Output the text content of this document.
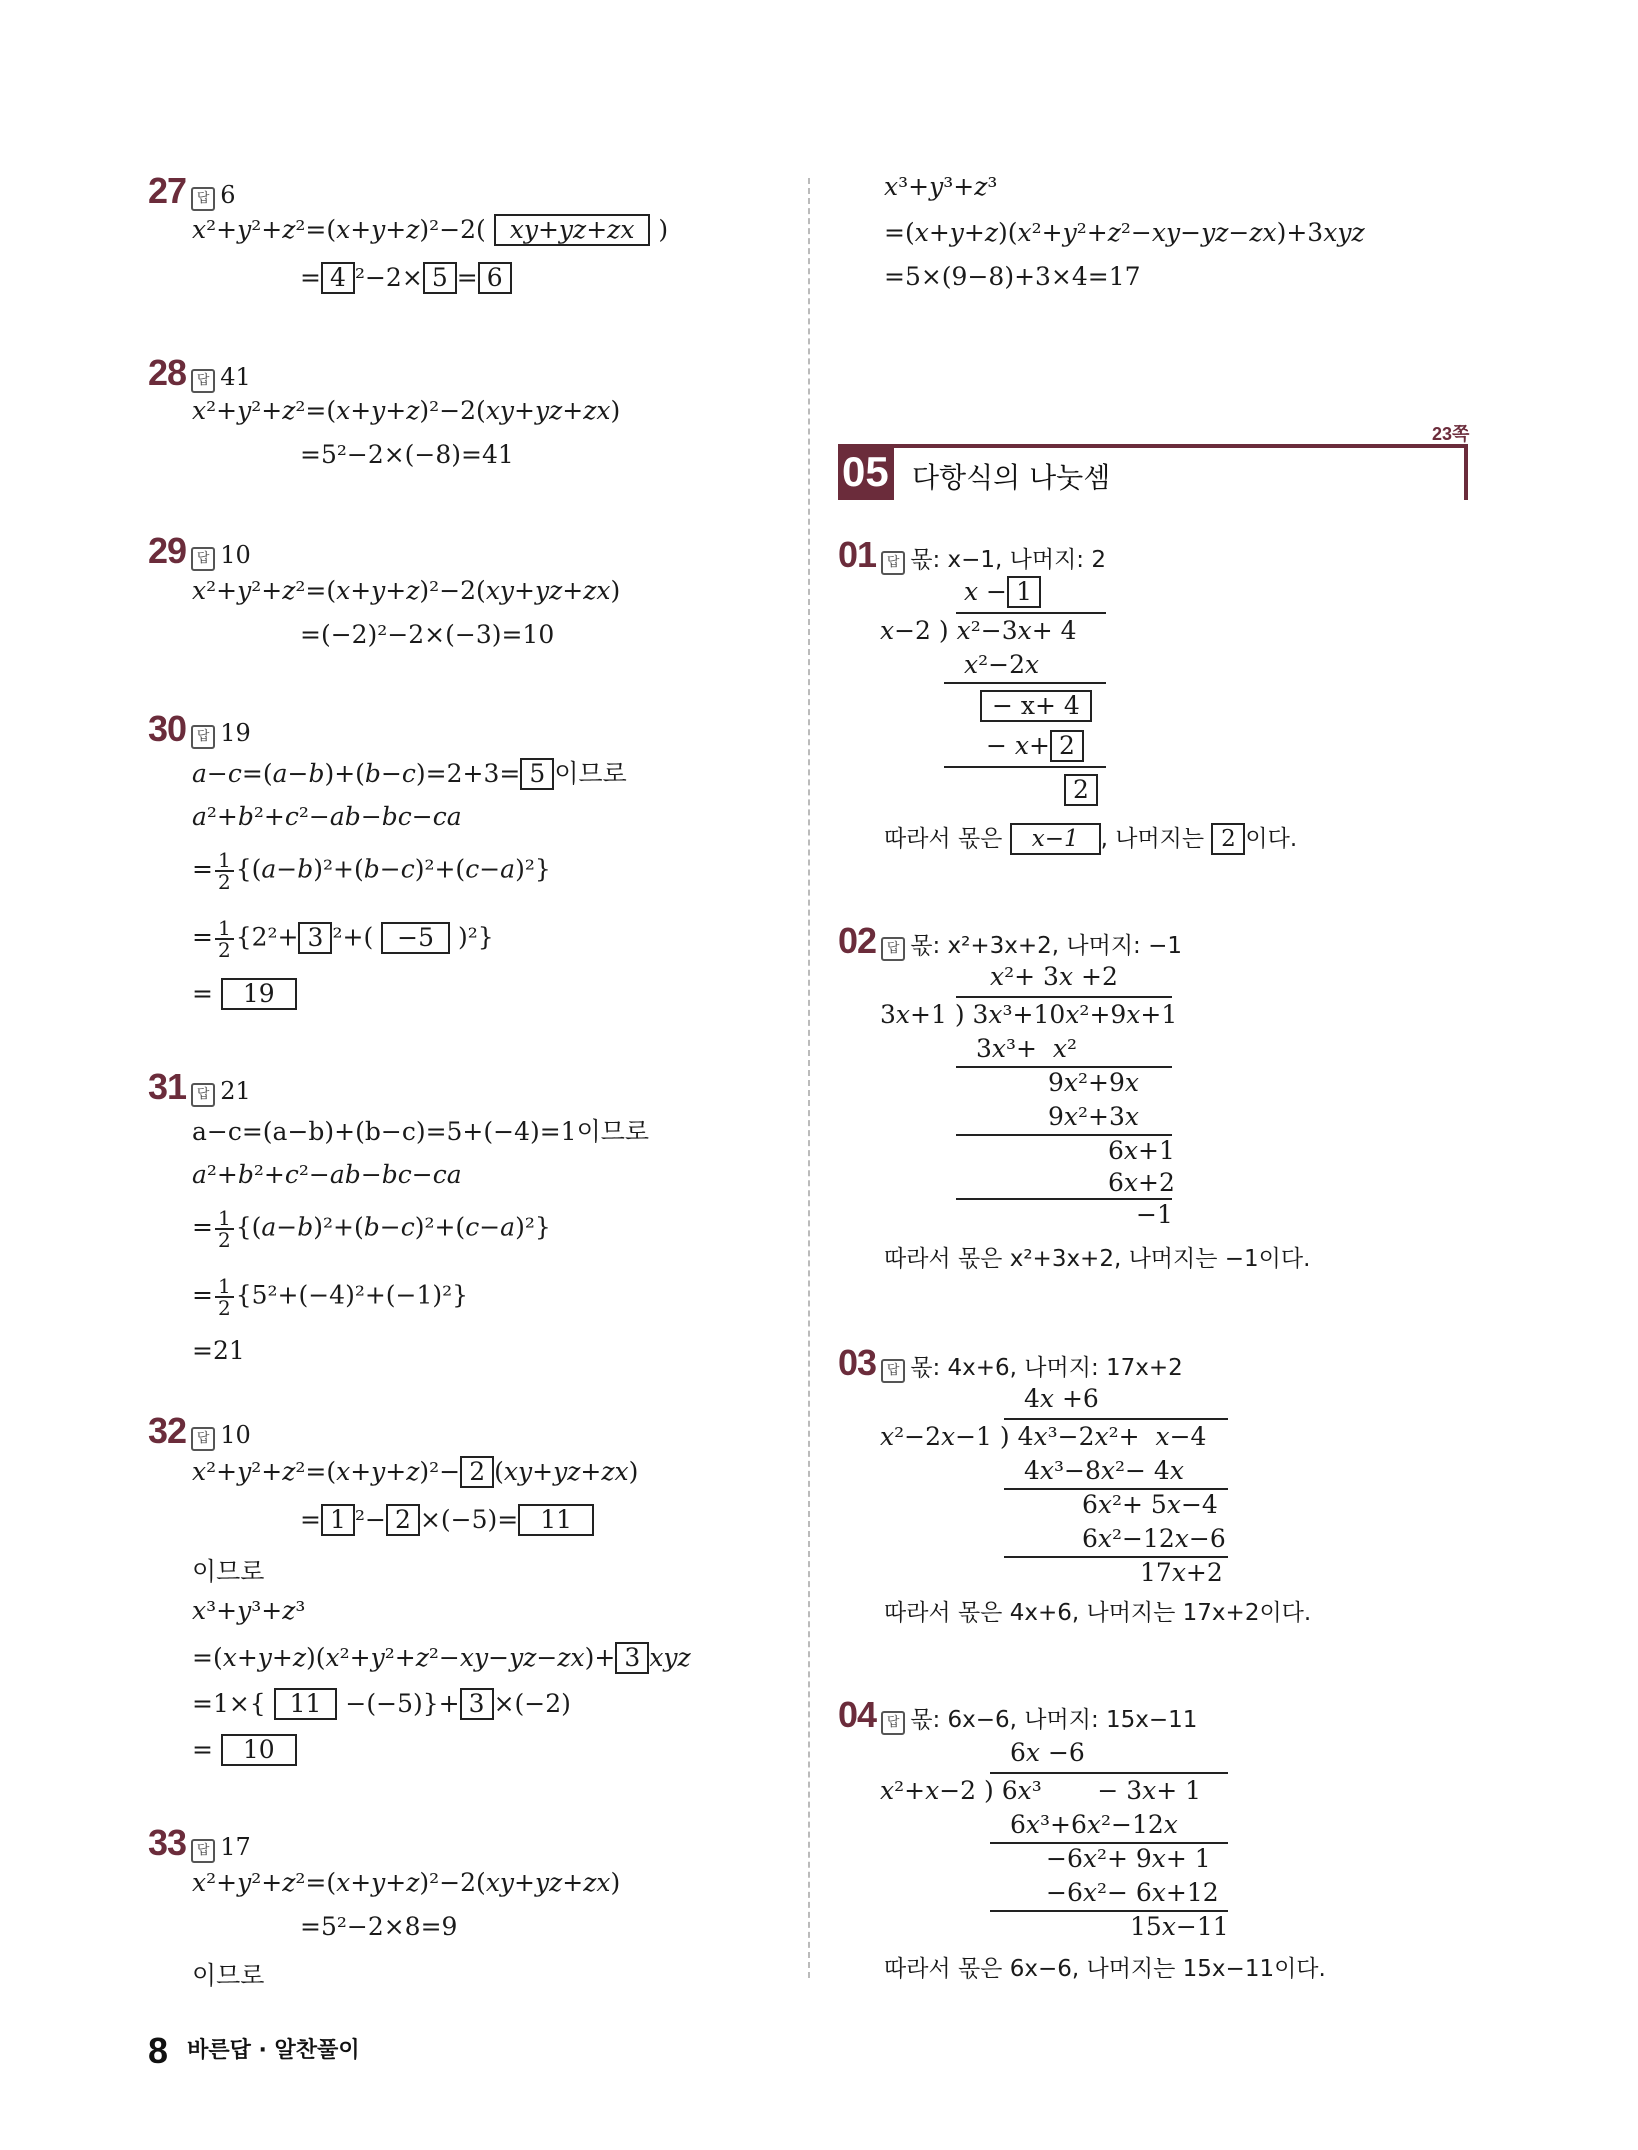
27 답 6
x²+y²+z²=(x+y+z)²−2( xy+yz+zx )
= 4 ²−2× 5 = 6
28 답 41
x²+y²+z²=(x+y+z)²−2(xy+yz+zx)
=5²−2×(−8)=41
29 답 10
x²+y²+z²=(x+y+z)²−2(xy+yz+zx)
=(−2)²−2×(−3)=10
30 답 19
a−c=(a−b)+(b−c)=2+3= 5 이므로
a²+b²+c²−ab−bc−ca
= $\frac{1}{2} \{(a-b)^2+(b-c)^2+(c-a)^2\}$
= $\frac{1}{2} \{2^2+ 3$ ²+( −5 )²}
= 19
31 답 21
a−c=(a−b)+(b−c)=5+(−4)=1이므로
a²+b²+c²−ab−bc−ca
= $\frac{1}{2} \{(a-b)^2+(b-c)^2+(c-a)^2\}$
= $\frac{1}{2} \{5^2+(-4)^2+(-1)^2\}$
=21
32 답 10
x²+y²+z²=(x+y+z)²− 2 (xy+yz+zx)
= 1 ²− 2 ×(−5)= 11
이므로
x³+y³+z³
=(x+y+z)(x²+y²+z²−xy−yz−zx)+ 3 xyz
=1×{ 11 −(−5)}+ 3 ×(−2)
= 10
33 답 17
x²+y²+z²=(x+y+z)²−2(xy+yz+zx)
=5²−2×8=9
이므로
x³+y³+z³
=(x+y+z)(x²+y²+z²−xy−yz−zx)+3xyz
=5×(9−8)+3×4=17
23쪽
05 다항식의 나눗셈
01 답 몫: x−1, 나머지: 2
x − 1
x−2 ) x²−3x+ 4
x²−2x
− x+ 4
− x+ 2
2
따라서 몫은 x−1 , 나머지는 2 이다.
02 답 몫: x²+3x+2, 나머지: −1
x²+ 3x +2
3x+1 ) 3x³+10x²+9x+1
3x³+  x²
9x²+9x
9x²+3x
6x+1
6x+2
−1
따라서 몫은 x²+3x+2, 나머지는 −1이다.
03 답 몫: 4x+6, 나머지: 17x+2
4x +6
x²−2x−1 ) 4x³−2x²+  x−4
4x³−8x²− 4x
6x²+ 5x−4
6x²−12x−6
17x+2
따라서 몫은 4x+6, 나머지는 17x+2이다.
04 답 몫: 6x−6, 나머지: 15x−11
6x −6
x²+x−2 ) 6x³       − 3x+ 1
6x³+6x²−12x
−6x²+ 9x+ 1
−6x²− 6x+12
15x−11
따라서 몫은 6x−6, 나머지는 15x−11이다.
8 바른답 · 알찬풀이
